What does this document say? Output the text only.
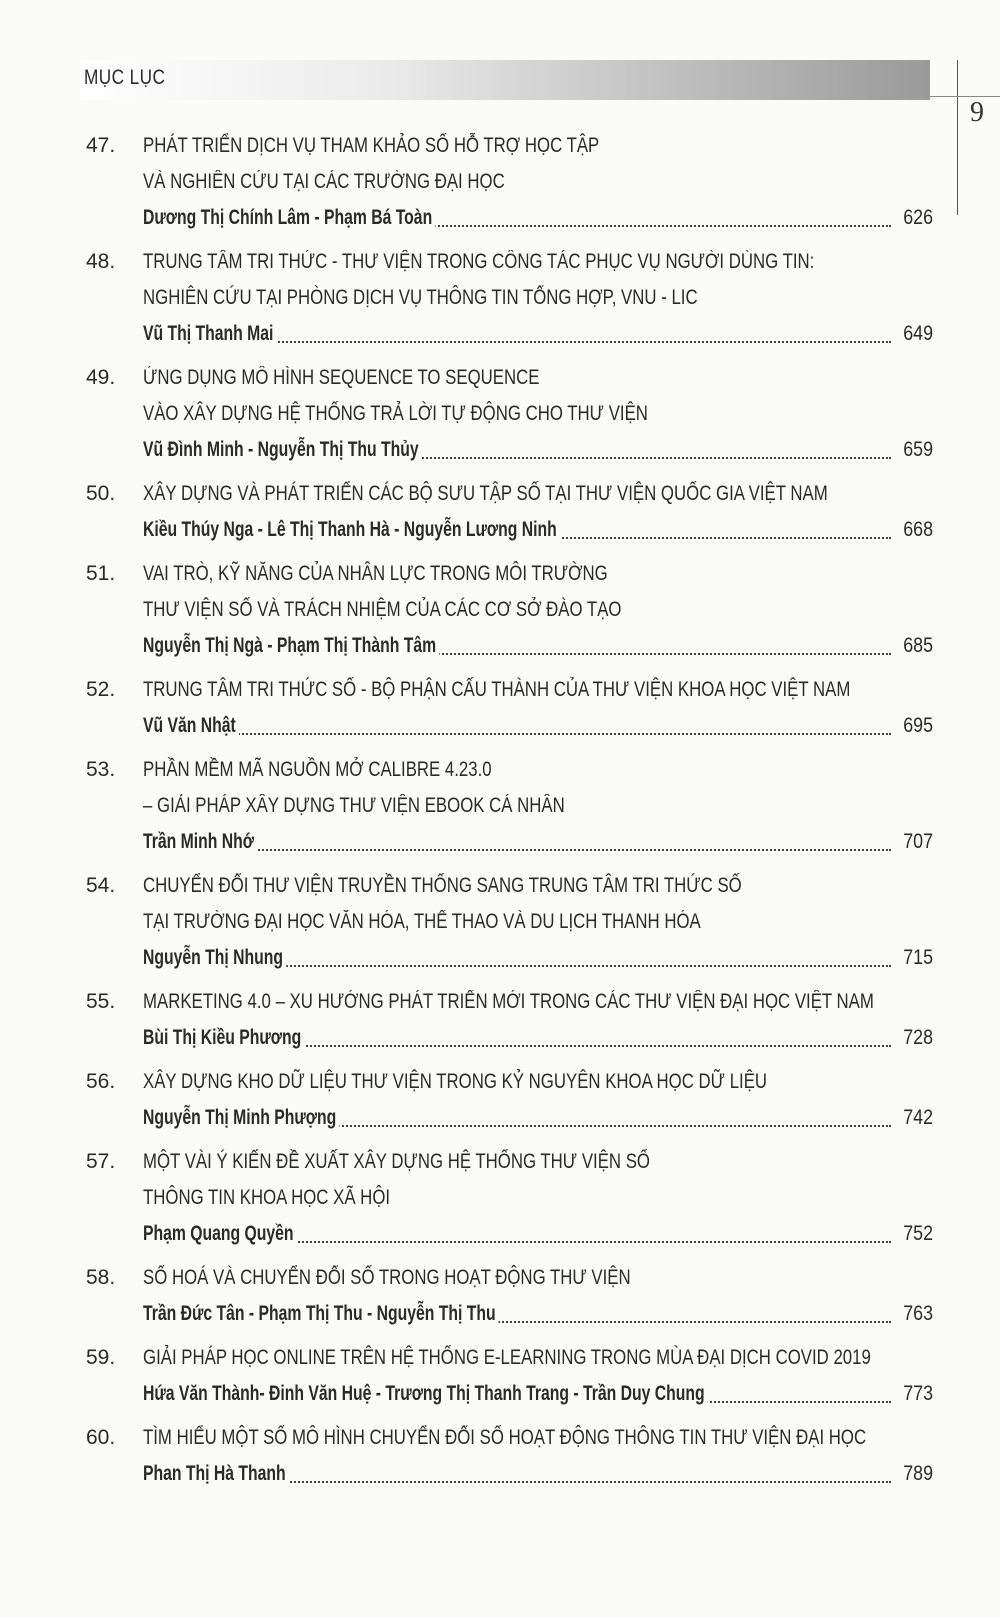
MỤC LỤC
9
47.	PHÁT TRIỂN DỊCH VỤ THAM KHẢO SỐ HỖ TRỢ HỌC TẬP
VÀ NGHIÊN CỨU TẠI CÁC TRƯỜNG ĐẠI HỌC
Dương Thị Chính Lâm - Phạm Bá Toàn	626
48.	TRUNG TÂM TRI THỨC - THƯ VIỆN TRONG CÔNG TÁC PHỤC VỤ NGƯỜI DÙNG TIN:
NGHIÊN CỨU TẠI PHÒNG DỊCH VỤ THÔNG TIN TỔNG HỢP, VNU - LIC
Vũ Thị Thanh Mai	649
49.	ỨNG DỤNG MÔ HÌNH SEQUENCE TO SEQUENCE
VÀO XÂY DỰNG HỆ THỐNG TRẢ LỜI TỰ ĐỘNG CHO THƯ VIỆN
Vũ Đình Minh - Nguyễn Thị Thu Thủy	659
50.	XÂY DỰNG VÀ PHÁT TRIỂN CÁC BỘ SƯU TẬP SỐ TẠI THƯ VIỆN QUỐC GIA VIỆT NAM
Kiều Thúy Nga - Lê Thị Thanh Hà - Nguyễn Lương Ninh	668
51.	VAI TRÒ, KỸ NĂNG CỦA NHÂN LỰC TRONG MÔI TRƯỜNG
THƯ VIỆN SỐ VÀ TRÁCH NHIỆM CỦA CÁC CƠ SỞ ĐÀO TẠO
Nguyễn Thị Ngà - Phạm Thị Thành Tâm	685
52.	TRUNG TÂM TRI THỨC SỐ - BỘ PHẬN CẤU THÀNH CỦA THƯ VIỆN KHOA HỌC VIỆT NAM
Vũ Văn Nhật	695
53.	PHẦN MỀM MÃ NGUỒN MỞ CALIBRE 4.23.0
– GIẢI PHÁP XÂY DỰNG THƯ VIỆN EBOOK CÁ NHÂN
Trần Minh Nhớ	707
54.	CHUYỂN ĐỔI THƯ VIỆN TRUYỀN THỐNG SANG TRUNG TÂM TRI THỨC SỐ
TẠI TRƯỜNG ĐẠI HỌC VĂN HÓA, THỂ THAO VÀ DU LỊCH THANH HÓA
Nguyễn Thị Nhung	715
55.	MARKETING 4.0 – XU HƯỚNG PHÁT TRIỂN MỚI TRONG CÁC THƯ VIỆN ĐẠI HỌC VIỆT NAM
Bùi Thị Kiều Phương	728
56.	XÂY DỰNG KHO DỮ LIỆU THƯ VIỆN TRONG KỶ NGUYÊN KHOA HỌC DỮ LIỆU
Nguyễn Thị Minh Phượng	742
57.	MỘT VÀI Ý KIẾN ĐỀ XUẤT XÂY DỰNG HỆ THỐNG THƯ VIỆN SỐ
THÔNG TIN KHOA HỌC XÃ HỘI
Phạm Quang Quyền	752
58.	SỐ HOÁ VÀ CHUYỂN ĐỔI SỐ TRONG HOẠT ĐỘNG THƯ VIỆN
Trần Đức Tân - Phạm Thị Thu - Nguyễn Thị Thu	763
59.	GIẢI PHÁP HỌC ONLINE TRÊN HỆ THỐNG E-LEARNING TRONG MÙA ĐẠI DỊCH COVID 2019
Hứa Văn Thành- Đinh Văn Huệ - Trương Thị Thanh Trang - Trần Duy Chung	773
60.	TÌM HIỂU MỘT SỐ MÔ HÌNH CHUYỂN ĐỔI SỐ HOẠT ĐỘNG THÔNG TIN THƯ VIỆN ĐẠI HỌC
Phan Thị Hà Thanh	789
